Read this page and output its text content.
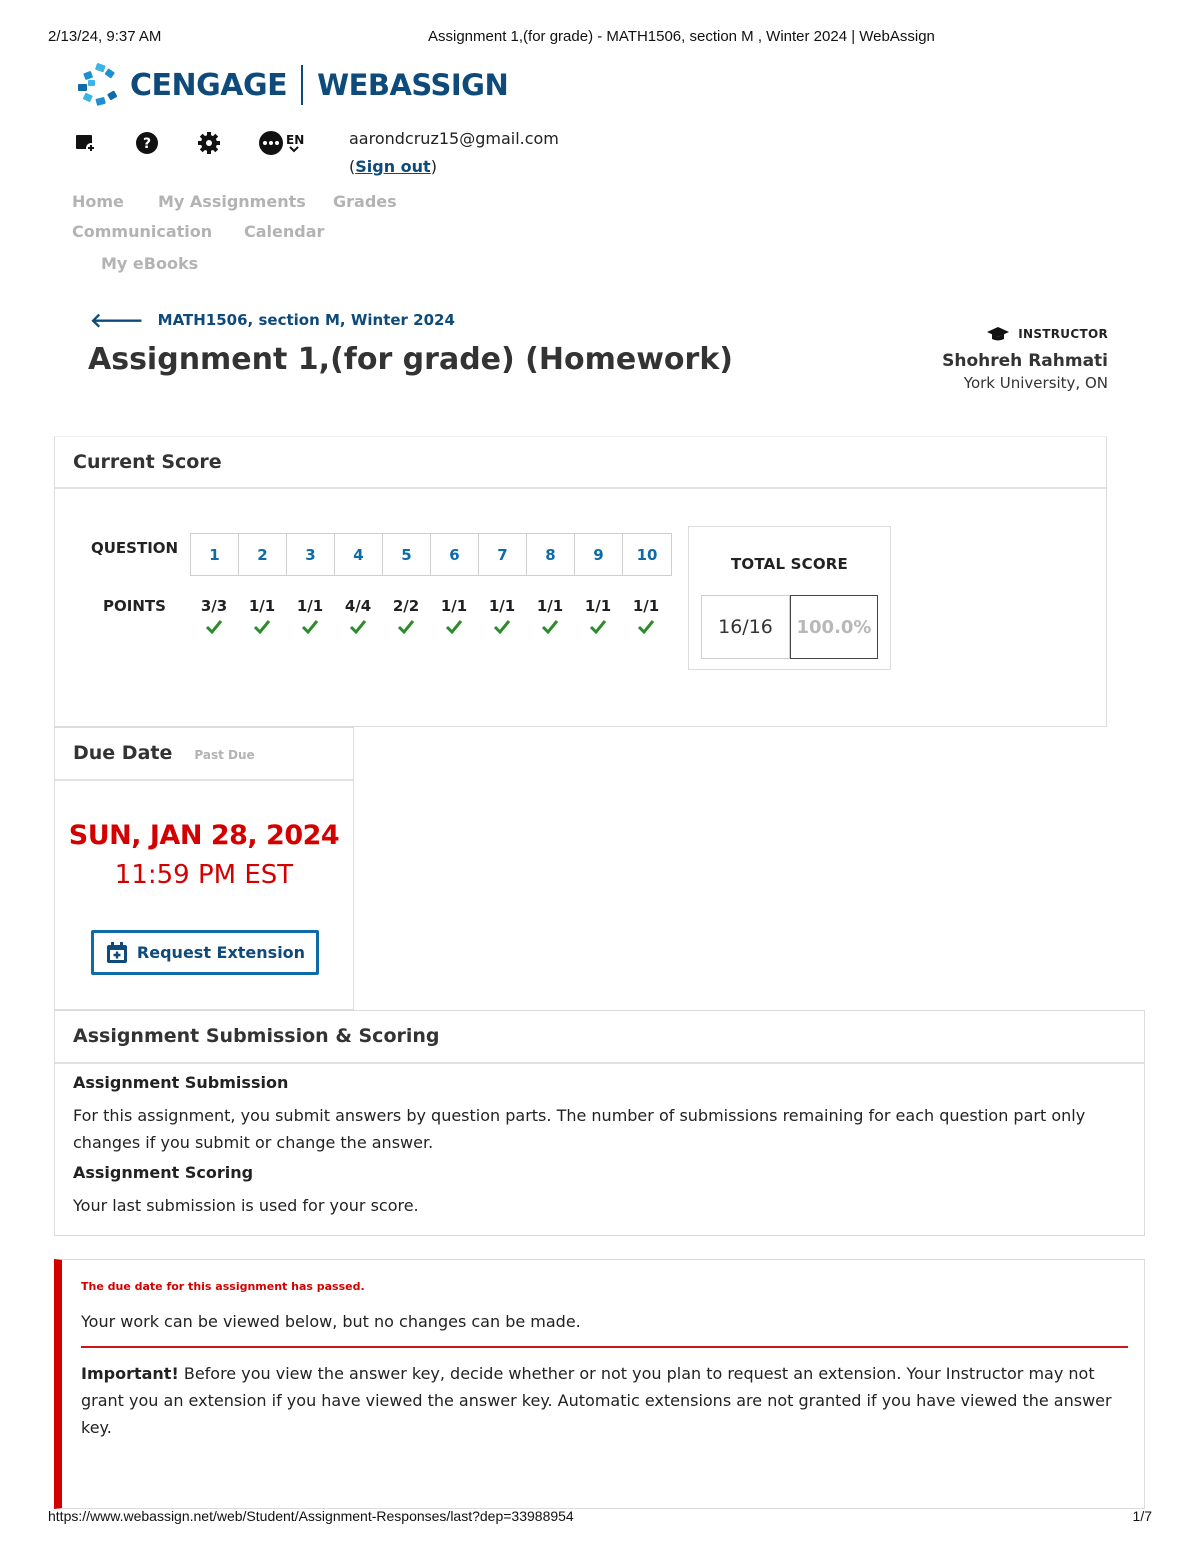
2/13/24, 9:37 AM	Assignment 1,(for grade) - MATH1506, section M , Winter 2024 | WebAssign
CENGAGE WEBASSIGN
?	EN	aarondcruz15@gmail.com
(Sign out)
Home My Assignments Grades
Communication Calendar
My eBooks
🡐 MATH1506, section M, Winter 2024
Assignment 1,(for grade) (Homework)
INSTRUCTOR
Shohreh Rahmati
York University, ON
Current Score
QUESTION
POINTS
1	2	3	4	5	6	7	8	9	10
3/3	1/1	1/1	4/4	2/2	1/1	1/1	1/1	1/1	1/1
TOTAL SCORE
16/16	100.0%
Due Date Past Due
SUN, JAN 28, 2024
11:59 PM EST
Request Extension
Assignment Submission & Scoring
Assignment Submission

For this assignment, you submit answers by question parts. The number of submissions remaining for each question part only changes if you submit or change the answer.

Assignment Scoring

Your last submission is used for your score.

The due date for this assignment has passed.
Your work can be viewed below, but no changes can be made.
Important! Before you view the answer key, decide whether or not you plan to request an extension. Your Instructor may not grant you an extension if you have viewed the answer key. Automatic extensions are not granted if you have viewed the answer key.
https://www.webassign.net/web/Student/Assignment-Responses/last?dep=33988954	1/7
